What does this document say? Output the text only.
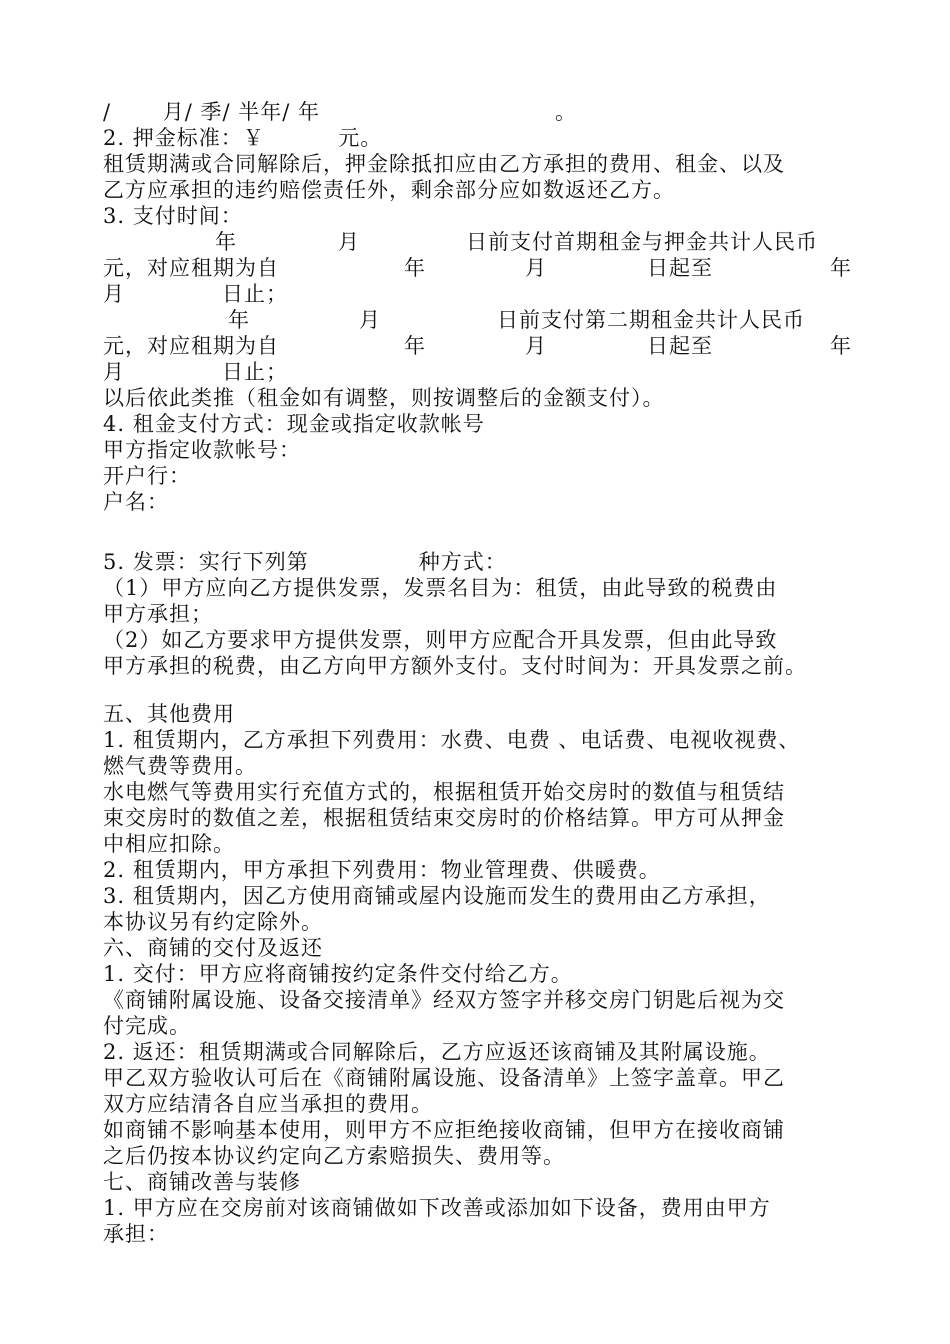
/　　 月/ 季/ 半年/ 年	。
2. 押金标准：￥　　　 元。
租赁期满或合同解除后，押金除抵扣应由乙方承担的费用、租金、以及
乙方应承担的违约赔偿责任外，剩余部分应如数返还乙方。
3. 支付时间：
年	月	日前支付首期租金与押金共计人民币
元，对应租期为自	年	月	日起至	年
月	日止；
年	月	日前支付第二期租金共计人民币
元，对应租期为自	年	月	日起至	年
月	日止；
以后依此类推（租金如有调整，则按调整后的金额支付）。
4. 租金支付方式：现金或指定收款帐号
甲方指定收款帐号：
开户行：
户名：
5. 发票：实行下列第　　　　　种方式：
（1）甲方应向乙方提供发票，发票名目为：租赁，由此导致的税费由
甲方承担；
（2）如乙方要求甲方提供发票，则甲方应配合开具发票，但由此导致
甲方承担的税费，由乙方向甲方额外支付。支付时间为：开具发票之前。
五、其他费用
1. 租赁期内，乙方承担下列费用：水费、电费 、电话费、电视收视费、
燃气费等费用。
水电燃气等费用实行充值方式的，根据租赁开始交房时的数值与租赁结
束交房时的数值之差，根据租赁结束交房时的价格结算。甲方可从押金
中相应扣除。
2. 租赁期内，甲方承担下列费用：物业管理费、供暖费。
3. 租赁期内，因乙方使用商铺或屋内设施而发生的费用由乙方承担，
本协议另有约定除外。
六、商铺的交付及返还
1. 交付：甲方应将商铺按约定条件交付给乙方。
《商铺附属设施、设备交接清单》经双方签字并移交房门钥匙后视为交
付完成。
2. 返还：租赁期满或合同解除后，乙方应返还该商铺及其附属设施。
甲乙双方验收认可后在《商铺附属设施、设备清单》上签字盖章。甲乙
双方应结清各自应当承担的费用。
如商铺不影响基本使用，则甲方不应拒绝接收商铺，但甲方在接收商铺
之后仍按本协议约定向乙方索赔损失、费用等。
七、商铺改善与装修
1. 甲方应在交房前对该商铺做如下改善或添加如下设备，费用由甲方
承担：
